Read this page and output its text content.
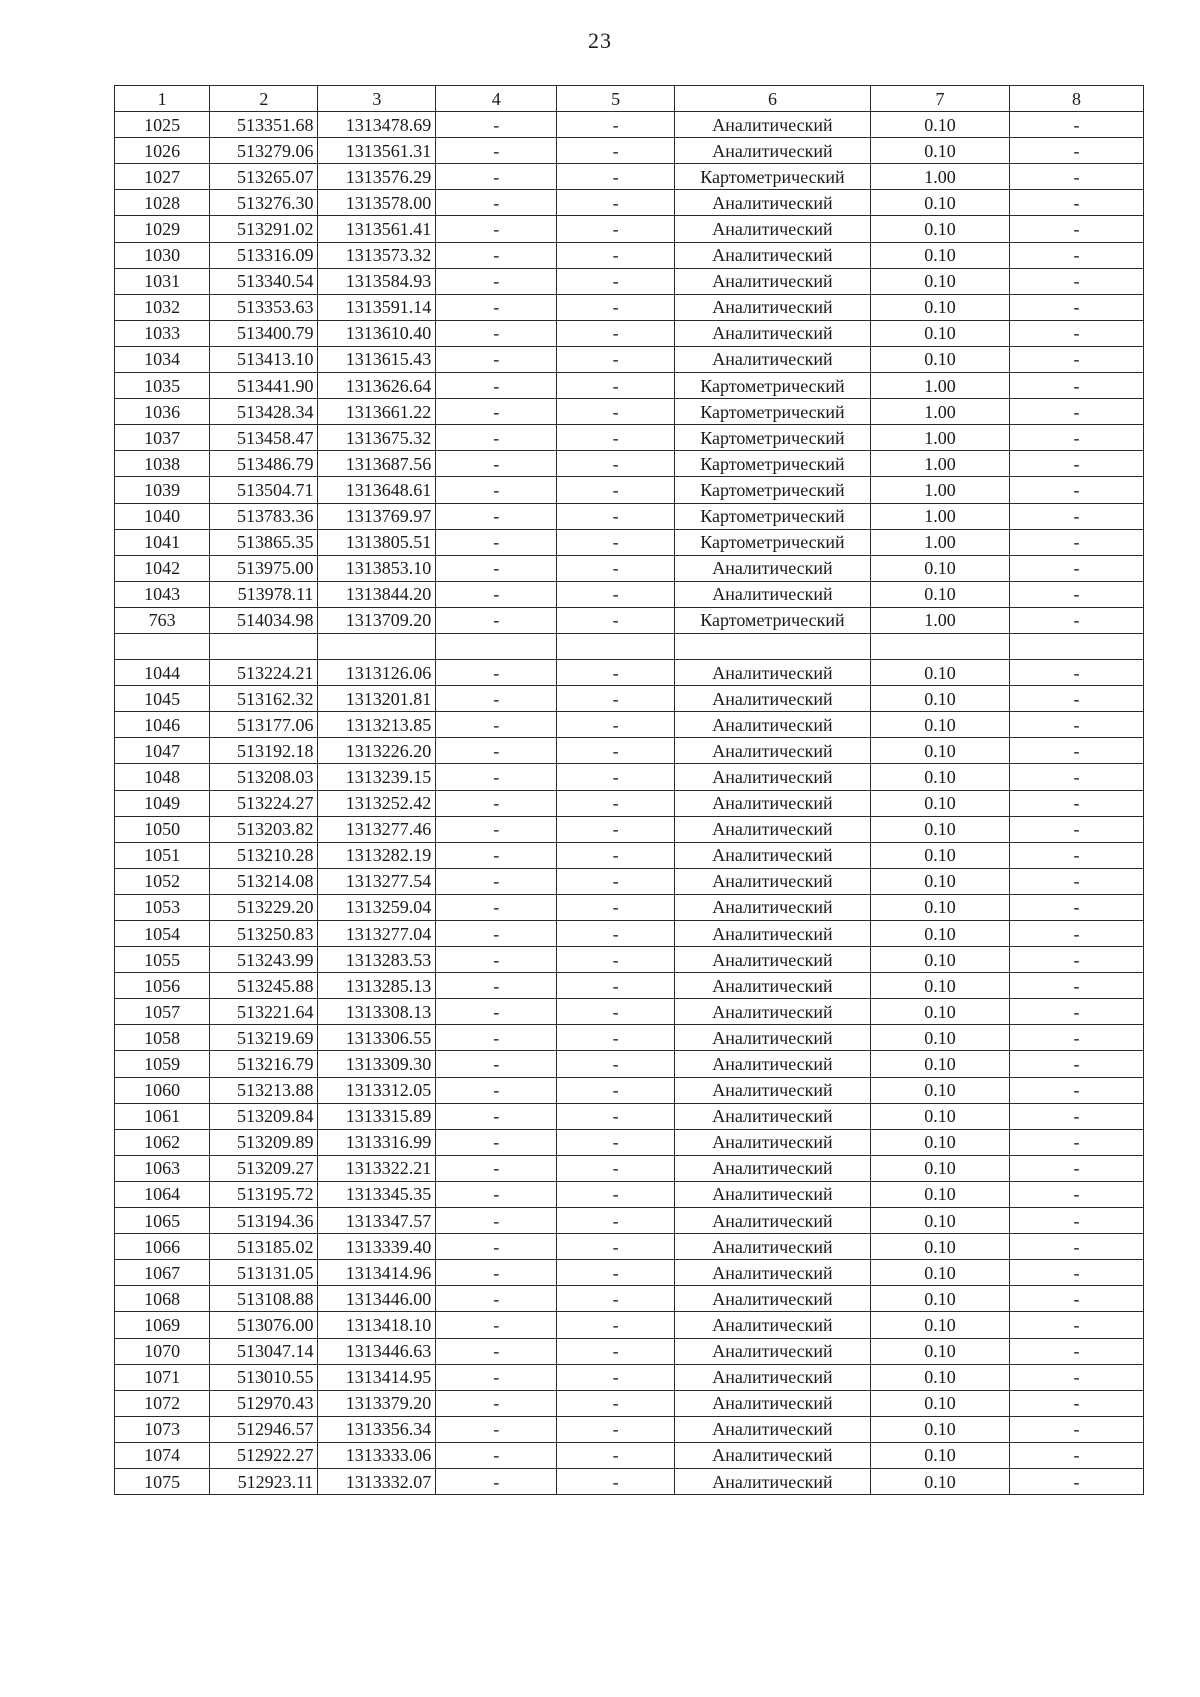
23
1	2	3	4	5	6	7	8
1025	513351.68	1313478.69	-	-	Аналитический	0.10	-
1026	513279.06	1313561.31	-	-	Аналитический	0.10	-
1027	513265.07	1313576.29	-	-	Картометрический	1.00	-
1028	513276.30	1313578.00	-	-	Аналитический	0.10	-
1029	513291.02	1313561.41	-	-	Аналитический	0.10	-
1030	513316.09	1313573.32	-	-	Аналитический	0.10	-
1031	513340.54	1313584.93	-	-	Аналитический	0.10	-
1032	513353.63	1313591.14	-	-	Аналитический	0.10	-
1033	513400.79	1313610.40	-	-	Аналитический	0.10	-
1034	513413.10	1313615.43	-	-	Аналитический	0.10	-
1035	513441.90	1313626.64	-	-	Картометрический	1.00	-
1036	513428.34	1313661.22	-	-	Картометрический	1.00	-
1037	513458.47	1313675.32	-	-	Картометрический	1.00	-
1038	513486.79	1313687.56	-	-	Картометрический	1.00	-
1039	513504.71	1313648.61	-	-	Картометрический	1.00	-
1040	513783.36	1313769.97	-	-	Картометрический	1.00	-
1041	513865.35	1313805.51	-	-	Картометрический	1.00	-
1042	513975.00	1313853.10	-	-	Аналитический	0.10	-
1043	513978.11	1313844.20	-	-	Аналитический	0.10	-
763	514034.98	1313709.20	-	-	Картометрический	1.00	-

1044	513224.21	1313126.06	-	-	Аналитический	0.10	-
1045	513162.32	1313201.81	-	-	Аналитический	0.10	-
1046	513177.06	1313213.85	-	-	Аналитический	0.10	-
1047	513192.18	1313226.20	-	-	Аналитический	0.10	-
1048	513208.03	1313239.15	-	-	Аналитический	0.10	-
1049	513224.27	1313252.42	-	-	Аналитический	0.10	-
1050	513203.82	1313277.46	-	-	Аналитический	0.10	-
1051	513210.28	1313282.19	-	-	Аналитический	0.10	-
1052	513214.08	1313277.54	-	-	Аналитический	0.10	-
1053	513229.20	1313259.04	-	-	Аналитический	0.10	-
1054	513250.83	1313277.04	-	-	Аналитический	0.10	-
1055	513243.99	1313283.53	-	-	Аналитический	0.10	-
1056	513245.88	1313285.13	-	-	Аналитический	0.10	-
1057	513221.64	1313308.13	-	-	Аналитический	0.10	-
1058	513219.69	1313306.55	-	-	Аналитический	0.10	-
1059	513216.79	1313309.30	-	-	Аналитический	0.10	-
1060	513213.88	1313312.05	-	-	Аналитический	0.10	-
1061	513209.84	1313315.89	-	-	Аналитический	0.10	-
1062	513209.89	1313316.99	-	-	Аналитический	0.10	-
1063	513209.27	1313322.21	-	-	Аналитический	0.10	-
1064	513195.72	1313345.35	-	-	Аналитический	0.10	-
1065	513194.36	1313347.57	-	-	Аналитический	0.10	-
1066	513185.02	1313339.40	-	-	Аналитический	0.10	-
1067	513131.05	1313414.96	-	-	Аналитический	0.10	-
1068	513108.88	1313446.00	-	-	Аналитический	0.10	-
1069	513076.00	1313418.10	-	-	Аналитический	0.10	-
1070	513047.14	1313446.63	-	-	Аналитический	0.10	-
1071	513010.55	1313414.95	-	-	Аналитический	0.10	-
1072	512970.43	1313379.20	-	-	Аналитический	0.10	-
1073	512946.57	1313356.34	-	-	Аналитический	0.10	-
1074	512922.27	1313333.06	-	-	Аналитический	0.10	-
1075	512923.11	1313332.07	-	-	Аналитический	0.10	-
